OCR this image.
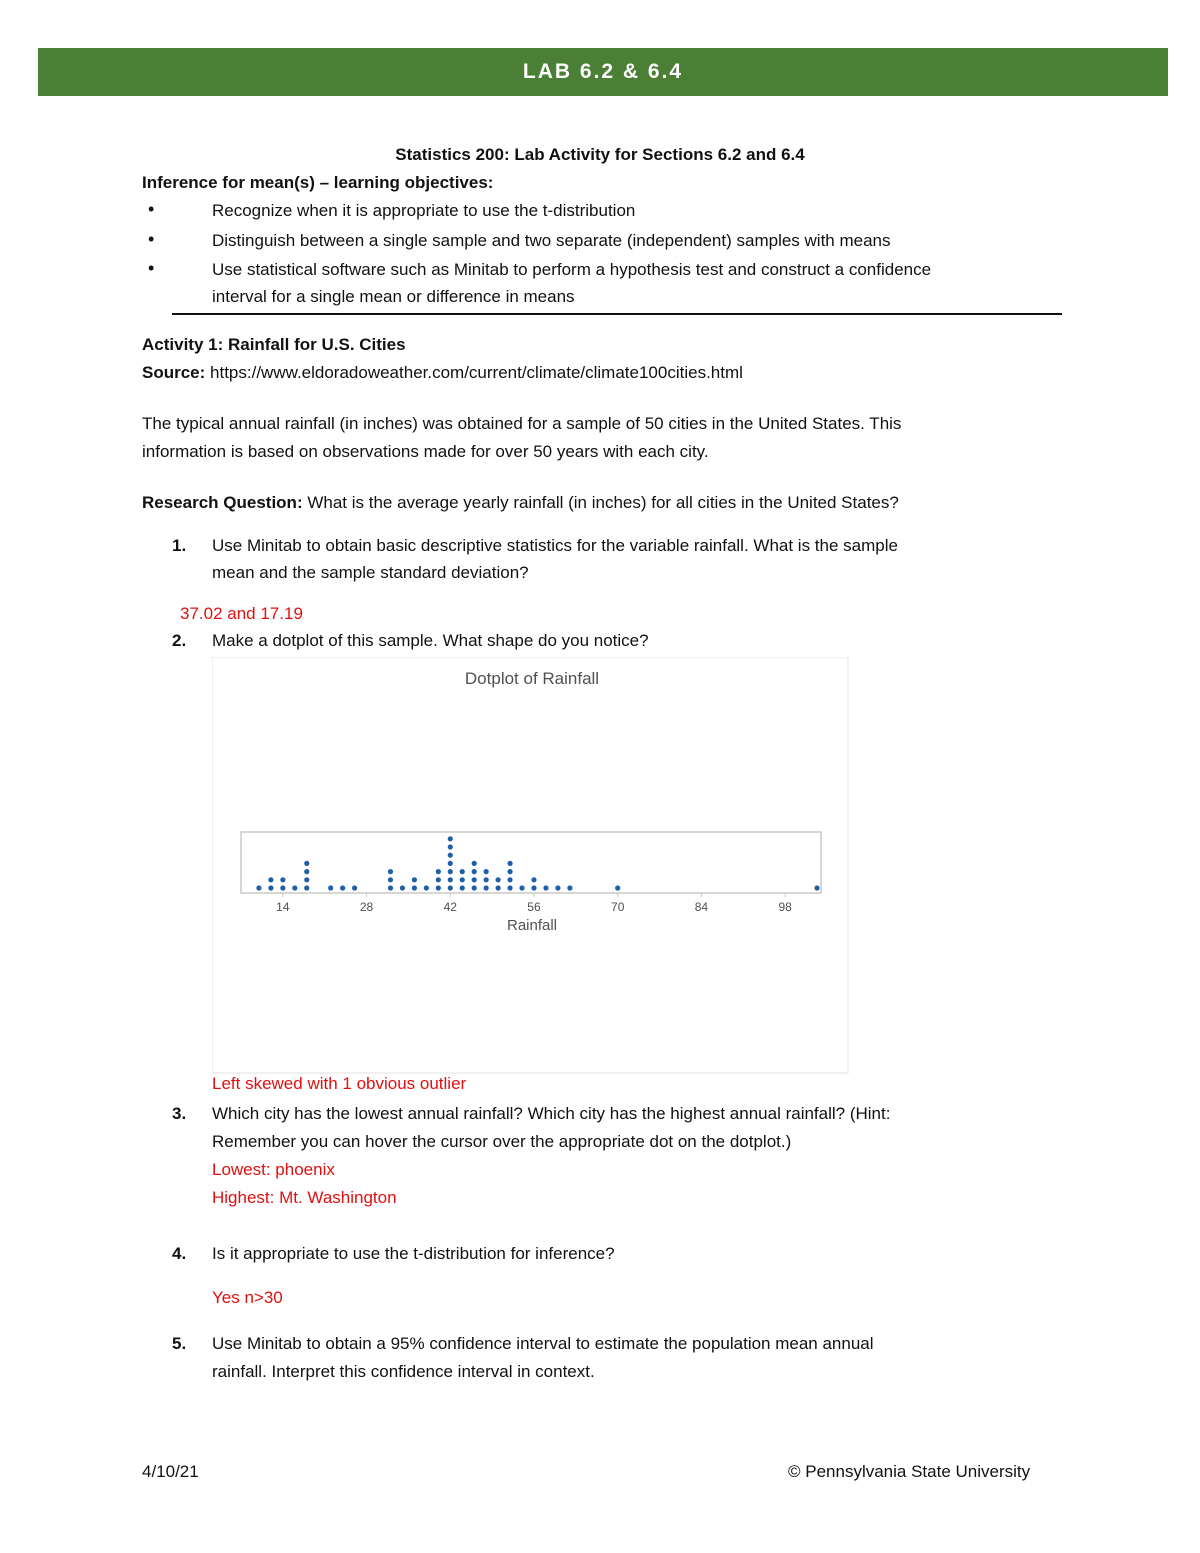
LAB 6.2 & 6.4
Statistics 200: Lab Activity for Sections 6.2 and 6.4
Inference for mean(s) – learning objectives:
•	Recognize when it is appropriate to use the t-distribution
•	Distinguish between a single sample and two separate (independent) samples with means
•	Use statistical software such as Minitab to perform a hypothesis test and construct a confidence
interval for a single mean or difference in means
Activity 1: Rainfall for U.S. Cities
Source: https://www.eldoradoweather.com/current/climate/climate100cities.html
The typical annual rainfall (in inches) was obtained for a sample of 50 cities in the United States. This
information is based on observations made for over 50 years with each city.
Research Question: What is the average yearly rainfall (in inches) for all cities in the United States?
1. Use Minitab to obtain basic descriptive statistics for the variable rainfall. What is the sample
mean and the sample standard deviation?
37.02 and 17.19
2. Make a dotplot of this sample. What shape do you notice?
Dotplot of Rainfall
14	28	42	56	70	84	98
Rainfall
Left skewed with 1 obvious outlier
3. Which city has the lowest annual rainfall? Which city has the highest annual rainfall? (Hint:
Remember you can hover the cursor over the appropriate dot on the dotplot.)
Lowest: phoenix
Highest: Mt. Washington
4. Is it appropriate to use the t-distribution for inference?
Yes n>30
5. Use Minitab to obtain a 95% confidence interval to estimate the population mean annual
rainfall. Interpret this confidence interval in context.
4/10/21	© Pennsylvania State University
